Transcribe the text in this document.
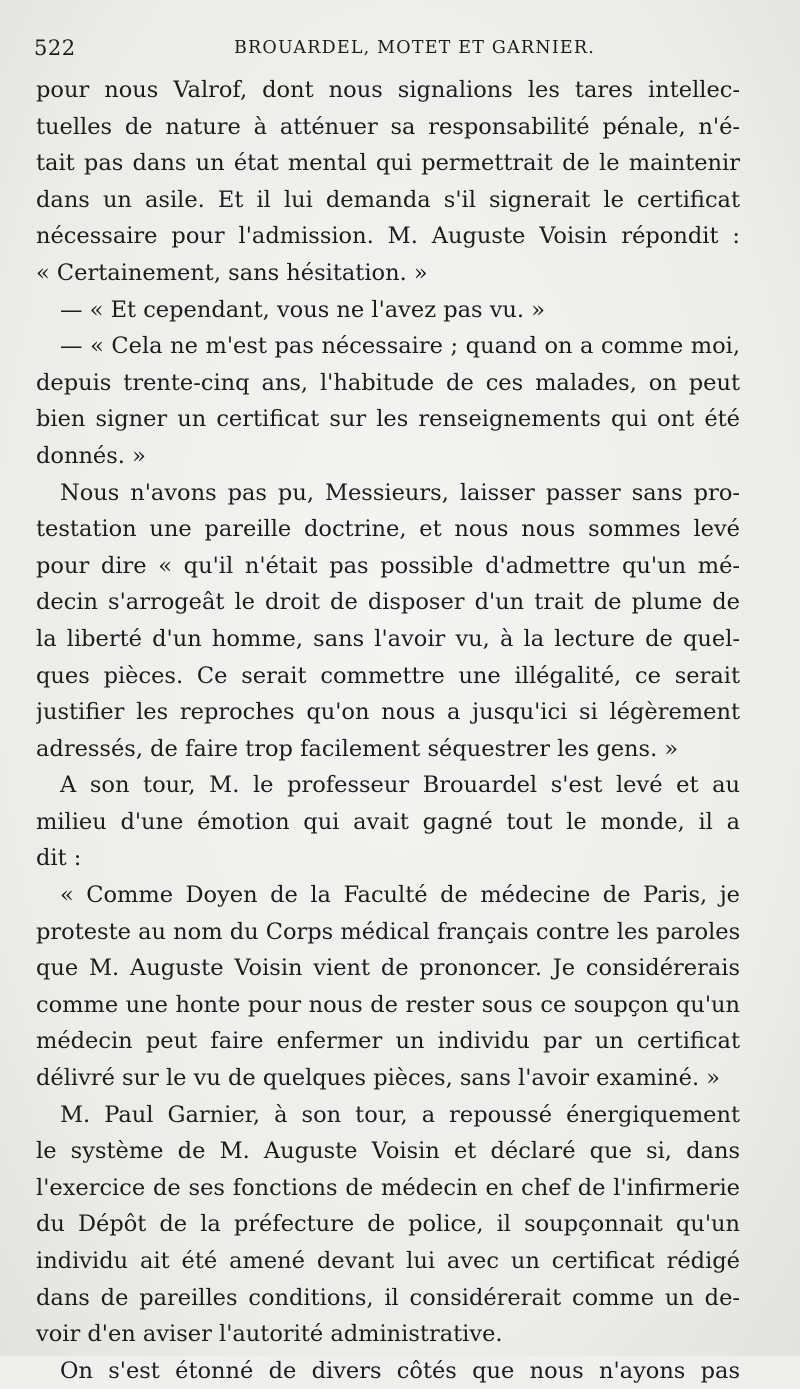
522	BROUARDEL, MOTET ET GARNIER.
pour nous Valrof, dont nous signalions les tares intellec-
tuelles de nature à atténuer sa responsabilité pénale, n'é-
tait pas dans un état mental qui permettrait de le maintenir
dans un asile. Et il lui demanda s'il signerait le certificat
nécessaire pour l'admission. M. Auguste Voisin répondit :
« Certainement, sans hésitation. »
— « Et cependant, vous ne l'avez pas vu. »
— « Cela ne m'est pas nécessaire ; quand on a comme moi,
depuis trente-cinq ans, l'habitude de ces malades, on peut
bien signer un certificat sur les renseignements qui ont été
donnés. »
Nous n'avons pas pu, Messieurs, laisser passer sans pro-
testation une pareille doctrine, et nous nous sommes levé
pour dire « qu'il n'était pas possible d'admettre qu'un mé-
decin s'arrogeât le droit de disposer d'un trait de plume de
la liberté d'un homme, sans l'avoir vu, à la lecture de quel-
ques pièces. Ce serait commettre une illégalité, ce serait
justifier les reproches qu'on nous a jusqu'ici si légèrement
adressés, de faire trop facilement séquestrer les gens. »
A son tour, M. le professeur Brouardel s'est levé et au
milieu d'une émotion qui avait gagné tout le monde, il a
dit :
« Comme Doyen de la Faculté de médecine de Paris, je
proteste au nom du Corps médical français contre les paroles
que M. Auguste Voisin vient de prononcer. Je considérerais
comme une honte pour nous de rester sous ce soupçon qu'un
médecin peut faire enfermer un individu par un certificat
délivré sur le vu de quelques pièces, sans l'avoir examiné. »
M. Paul Garnier, à son tour, a repoussé énergiquement
le système de M. Auguste Voisin et déclaré que si, dans
l'exercice de ses fonctions de médecin en chef de l'infirmerie
du Dépôt de la préfecture de police, il soupçonnait qu'un
individu ait été amené devant lui avec un certificat rédigé
dans de pareilles conditions, il considérerait comme un de-
voir d'en aviser l'autorité administrative.
On s'est étonné de divers côtés que nous n'ayons pas
